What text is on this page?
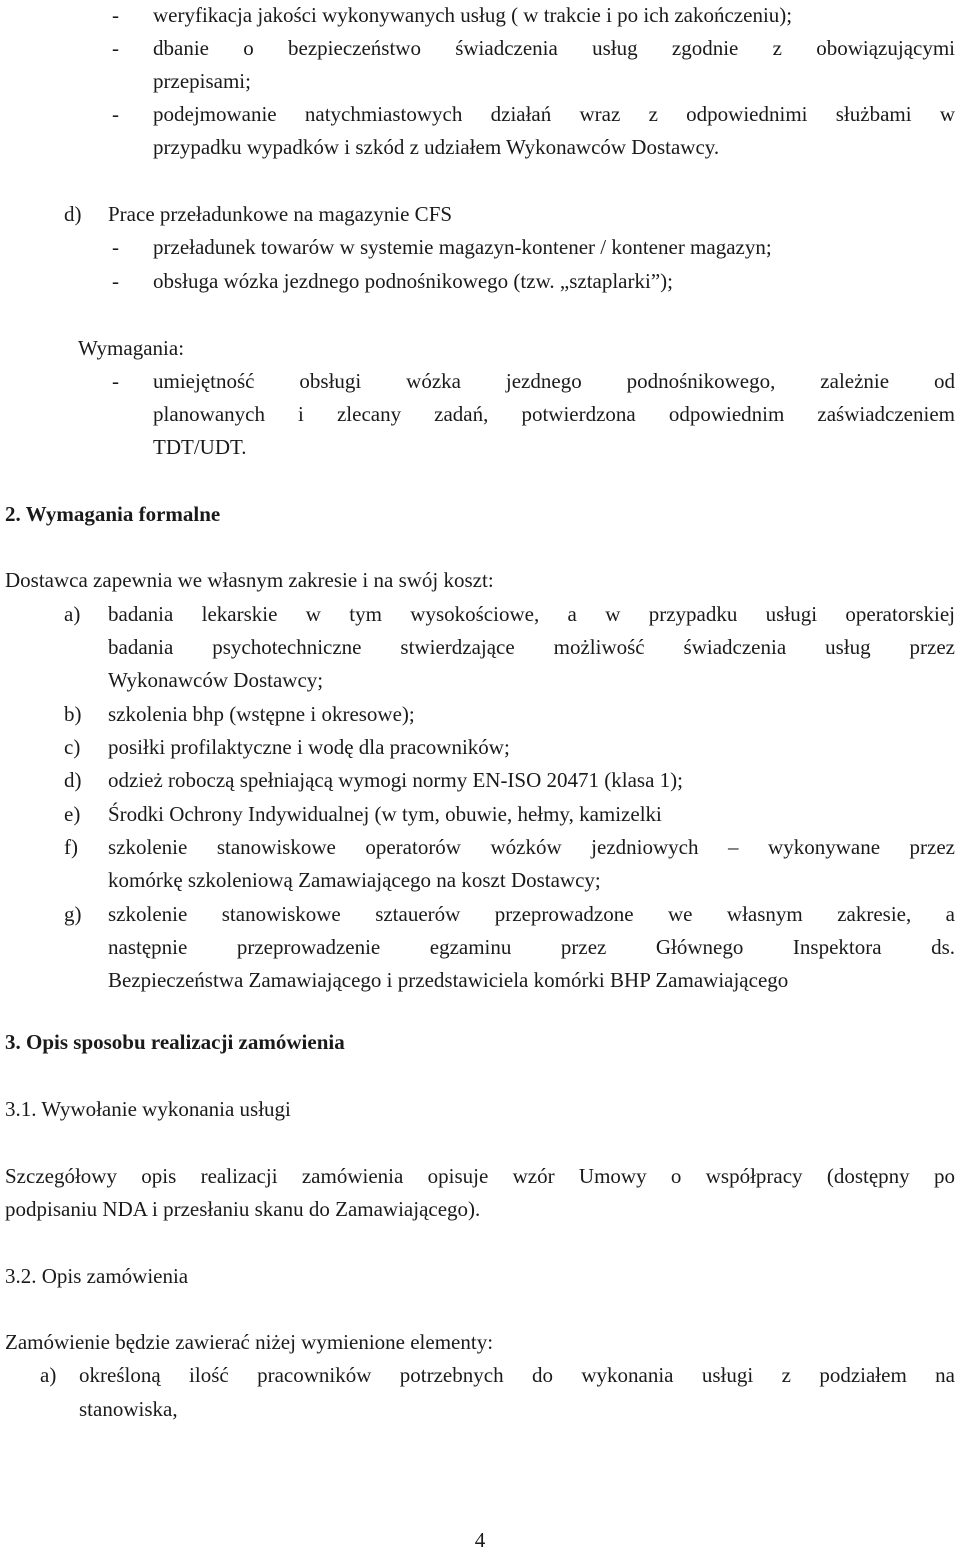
- weryfikacja jakości wykonywanych usług ( w trakcie i po ich zakończeniu);
- dbanie o bezpieczeństwo świadczenia usług zgodnie z obowiązującymi
przepisami;
- podejmowanie natychmiastowych działań wraz z odpowiednimi służbami w
przypadku wypadków i szkód z udziałem Wykonawców Dostawcy.
d) Prace przeładunkowe na magazynie CFS
- przeładunek towarów w systemie magazyn-kontener / kontener magazyn;
- obsługa wózka jezdnego podnośnikowego (tzw. „sztaplarki”);
Wymagania:
- umiejętność obsługi wózka jezdnego podnośnikowego, zależnie od
planowanych i zlecany zadań, potwierdzona odpowiednim zaświadczeniem
TDT/UDT.
2. Wymagania formalne
Dostawca zapewnia we własnym zakresie i na swój koszt:
a) badania lekarskie w tym wysokościowe, a w przypadku usługi operatorskiej
badania psychotechniczne stwierdzające możliwość świadczenia usług przez
Wykonawców Dostawcy;
b) szkolenia bhp (wstępne i okresowe);
c) posiłki profilaktyczne i wodę dla pracowników;
d) odzież roboczą spełniającą wymogi normy EN-ISO 20471 (klasa 1);
e) Środki Ochrony Indywidualnej (w tym, obuwie, hełmy, kamizelki
f) szkolenie stanowiskowe operatorów wózków jezdniowych – wykonywane przez
komórkę szkoleniową Zamawiającego na koszt Dostawcy;
g) szkolenie stanowiskowe sztauerów przeprowadzone we własnym zakresie, a
następnie przeprowadzenie egzaminu przez Głównego Inspektora ds.
Bezpieczeństwa Zamawiającego i przedstawiciela komórki BHP Zamawiającego
3. Opis sposobu realizacji zamówienia
3.1. Wywołanie wykonania usługi
Szczegółowy opis realizacji zamówienia opisuje wzór Umowy o współpracy (dostępny po
podpisaniu NDA i przesłaniu skanu do Zamawiającego).
3.2. Opis zamówienia
Zamówienie będzie zawierać niżej wymienione elementy:
a) określoną ilość pracowników potrzebnych do wykonania usługi z podziałem na
stanowiska,
4
